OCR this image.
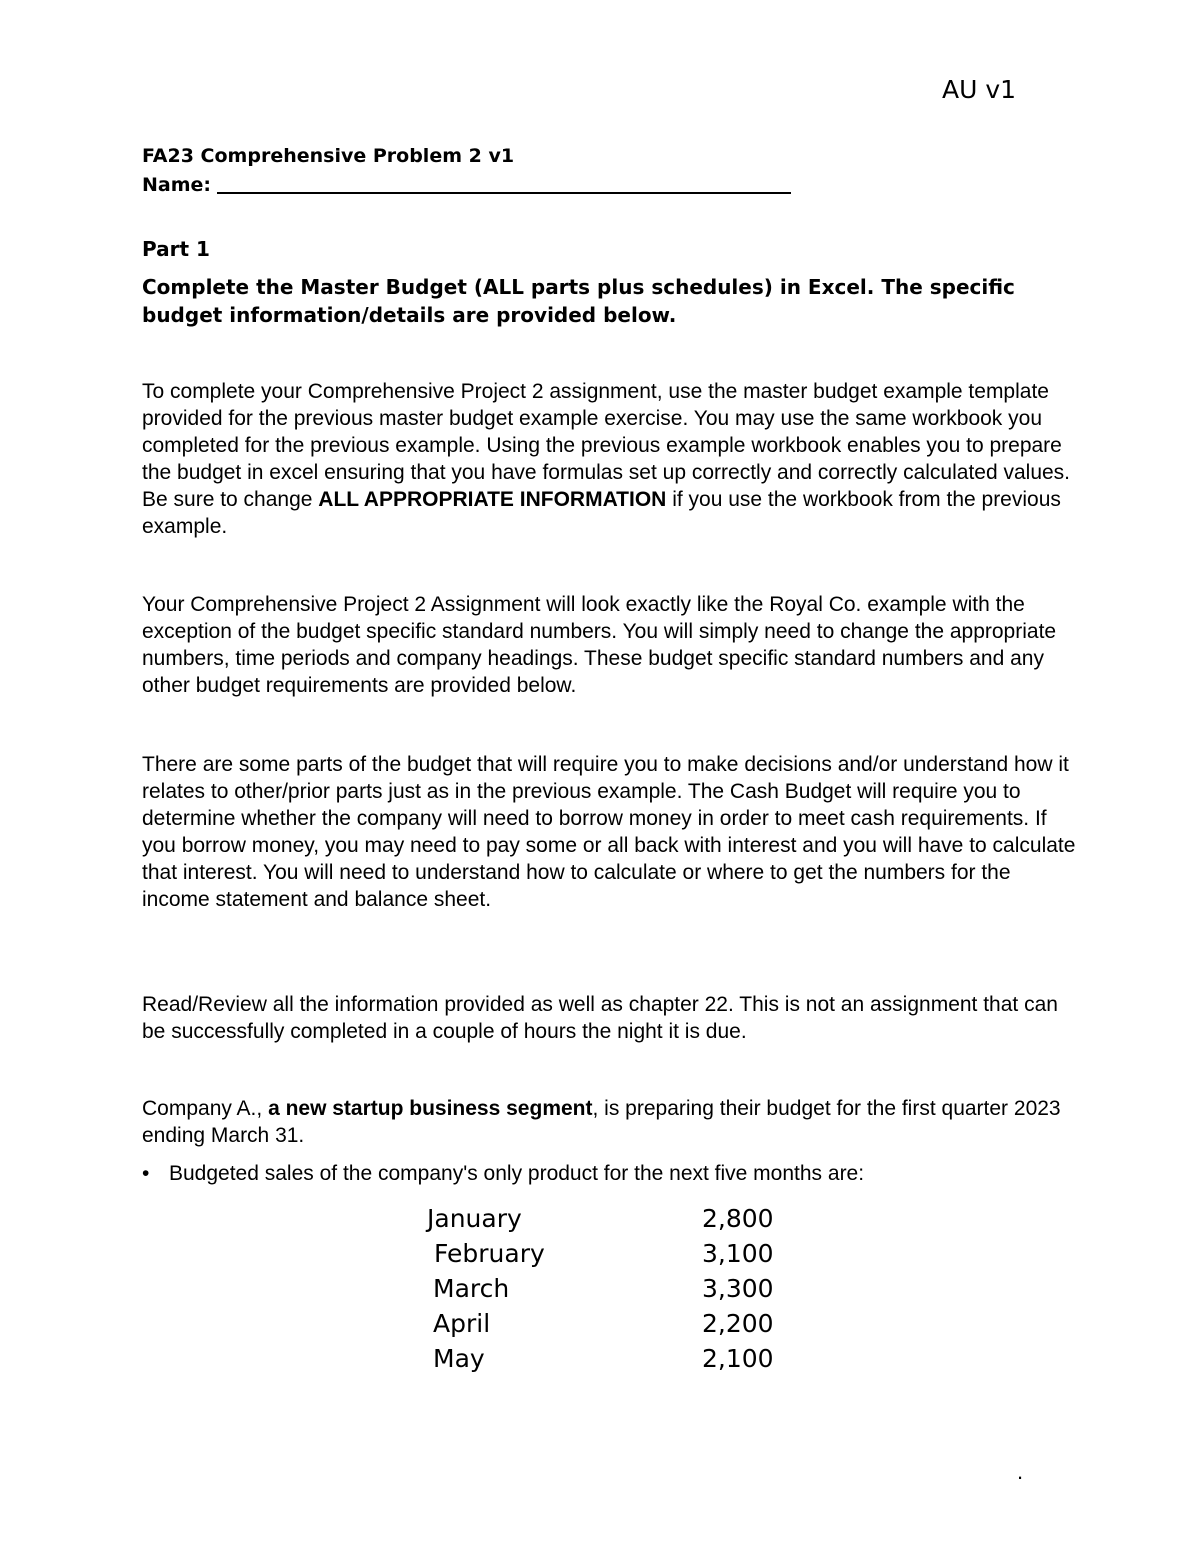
AU v1
FA23 Comprehensive Problem 2 v1
Name:
Part 1
Complete the Master Budget (ALL parts plus schedules) in Excel. The specific budget information/details are provided below.
To complete your Comprehensive Project 2 assignment, use the master budget example template provided for the previous master budget example exercise. You may use the same workbook you completed for the previous example. Using the previous example workbook enables you to prepare the budget in excel ensuring that you have formulas set up correctly and correctly calculated values. Be sure to change ALL APPROPRIATE INFORMATION if you use the workbook from the previous example.
Your Comprehensive Project 2 Assignment will look exactly like the Royal Co. example with the exception of the budget specific standard numbers. You will simply need to change the appropriate numbers, time periods and company headings. These budget specific standard numbers and any other budget requirements are provided below.
There are some parts of the budget that will require you to make decisions and/or understand how it relates to other/prior parts just as in the previous example. The Cash Budget will require you to determine whether the company will need to borrow money in order to meet cash requirements. If you borrow money, you may need to pay some or all back with interest and you will have to calculate that interest. You will need to understand how to calculate or where to get the numbers for the income statement and balance sheet.
Read/Review all the information provided as well as chapter 22. This is not an assignment that can be successfully completed in a couple of hours the night it is due.
Company A., a new startup business segment, is preparing their budget for the first quarter 2023 ending March 31.
• Budgeted sales of the company's only product for the next five months are:
January	2,800
February	3,100
March	3,300
April	2,200
May	2,100
.
